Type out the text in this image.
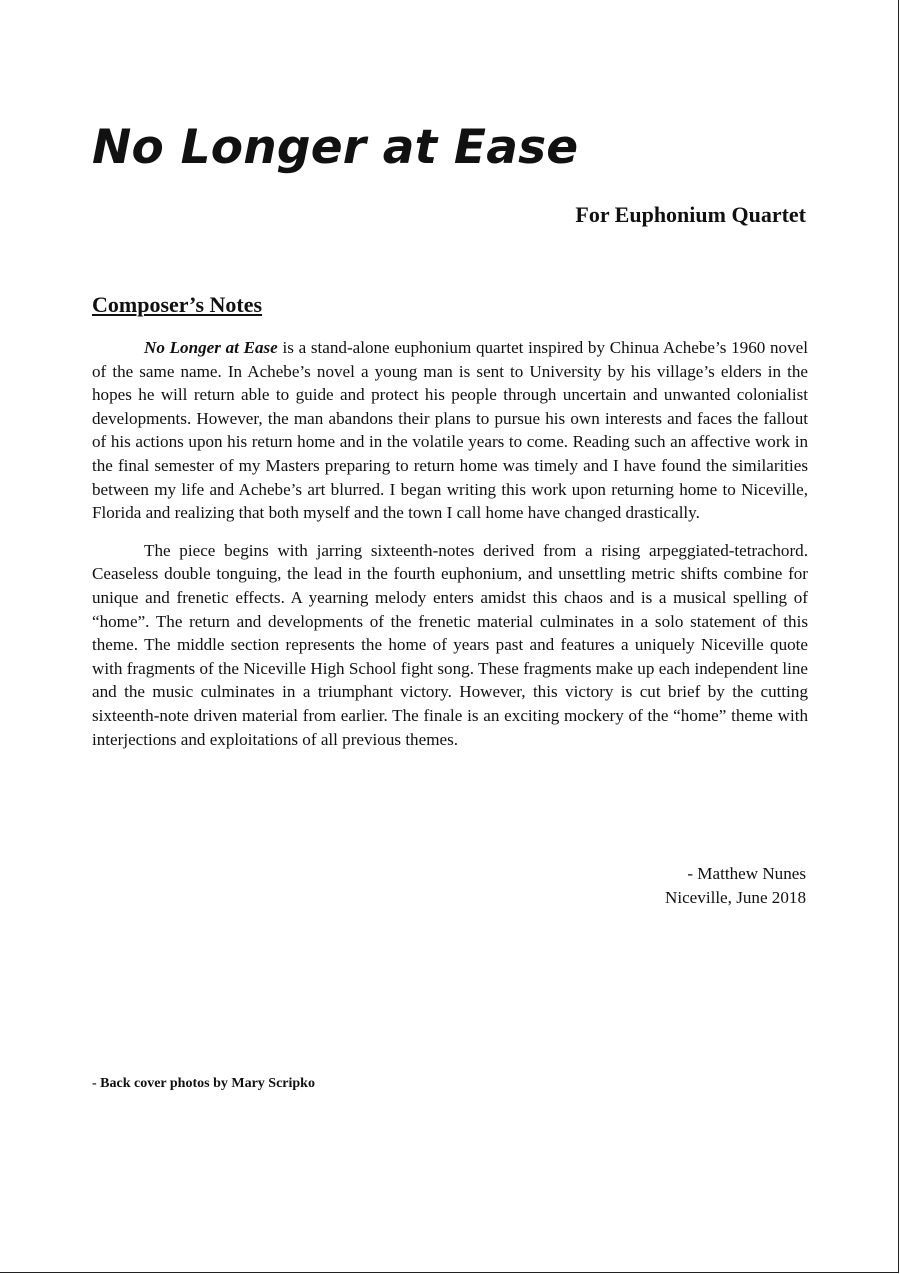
No Longer at Ease
For Euphonium Quartet
Composer’s Notes

No Longer at Ease is a stand-alone euphonium quartet inspired by Chinua Achebe’s 1960 novel of the same name. In Achebe’s novel a young man is sent to University by his village’s elders in the hopes he will return able to guide and protect his people through uncertain and unwanted colonialist developments. However, the man abandons their plans to pursue his own interests and faces the fallout of his actions upon his return home and in the volatile years to come. Reading such an affective work in the final semester of my Masters preparing to return home was timely and I have found the similarities between my life and Achebe’s art blurred. I began writing this work upon returning home to Niceville, Florida and realizing that both myself and the town I call home have changed drastically.

The piece begins with jarring sixteenth-notes derived from a rising arpeggiated-tetrachord. Ceaseless double tonguing, the lead in the fourth euphonium, and unsettling metric shifts combine for unique and frenetic effects. A yearning melody enters amidst this chaos and is a musical spelling of “home”. The return and developments of the frenetic material culminates in a solo statement of this theme. The middle section represents the home of years past and features a uniquely Niceville quote with fragments of the Niceville High School fight song. These fragments make up each independent line and the music culminates in a triumphant victory. However, this victory is cut brief by the cutting sixteenth-note driven material from earlier. The finale is an exciting mockery of the “home” theme with interjections and exploitations of all previous themes.

- Matthew Nunes
Niceville, June 2018
- Back cover photos by Mary Scripko
